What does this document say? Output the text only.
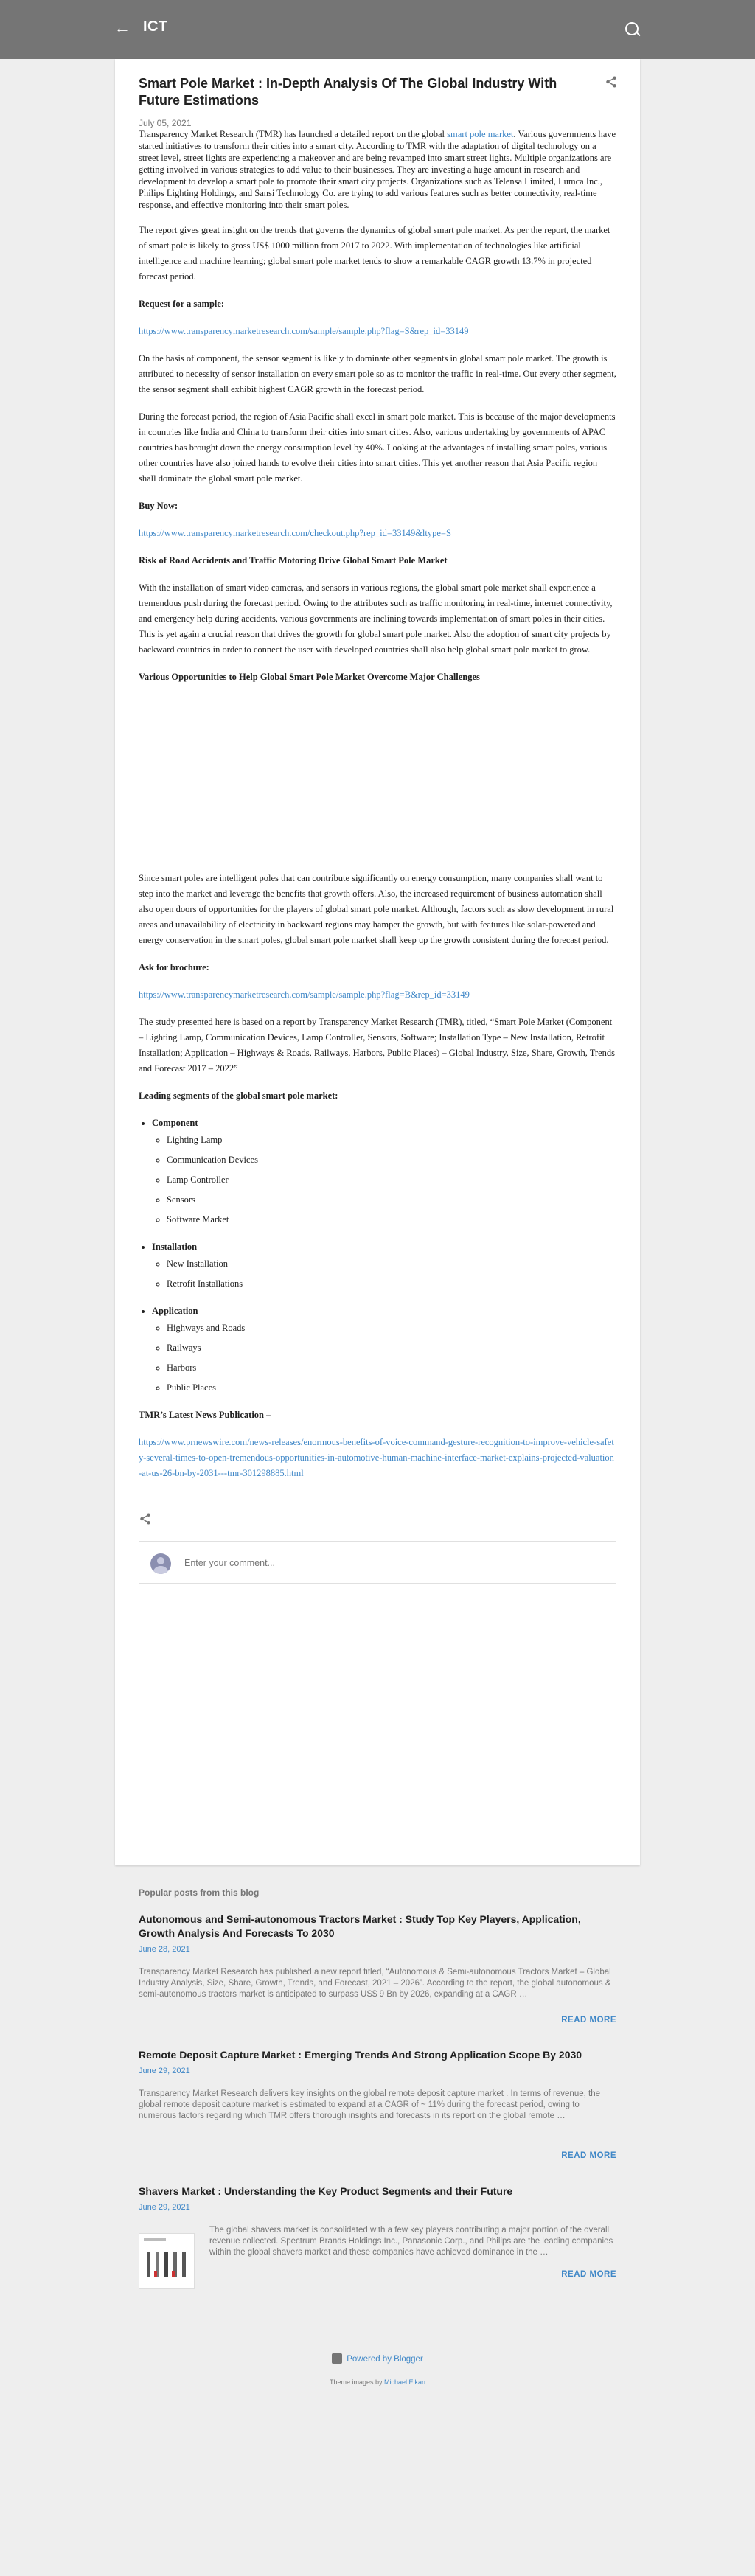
← ICT
Smart Pole Market : In-Depth Analysis Of The Global Industry With Future Estimations
July 05, 2021

Transparency Market Research (TMR) has launched a detailed report on the global smart pole market. Various governments have started initiatives to transform their cities into a smart city. According to TMR with the adaptation of digital technology on a street level, street lights are experiencing a makeover and are being revamped into smart street lights. Multiple organizations are getting involved in various strategies to add value to their businesses. They are investing a huge amount in research and development to develop a smart pole to promote their smart city projects. Organizations such as Telensa Limited, Lumca Inc., Philips Lighting Holdings, and Sansi Technology Co. are trying to add various features such as better connectivity, real-time response, and effective monitoring into their smart poles.

The report gives great insight on the trends that governs the dynamics of global smart pole market. As per the report, the market of smart pole is likely to gross US$ 1000 million from 2017 to 2022. With implementation of technologies like artificial intelligence and machine learning; global smart pole market tends to show a remarkable CAGR growth 13.7% in projected forecast period.

Request for a sample:

https://www.transparencymarketresearch.com/sample/sample.php?flag=S&rep_id=33149

On the basis of component, the sensor segment is likely to dominate other segments in global smart pole market. The growth is attributed to necessity of sensor installation on every smart pole so as to monitor the traffic in real-time. Out every other segment, the sensor segment shall exhibit highest CAGR growth in the forecast period.

During the forecast period, the region of Asia Pacific shall excel in smart pole market. This is because of the major developments in countries like India and China to transform their cities into smart cities. Also, various undertaking by governments of APAC countries has brought down the energy consumption level by 40%. Looking at the advantages of installing smart poles, various other countries have also joined hands to evolve their cities into smart cities. This yet another reason that Asia Pacific region shall dominate the global smart pole market.

Buy Now:

https://www.transparencymarketresearch.com/checkout.php?rep_id=33149&ltype=S

Risk of Road Accidents and Traffic Motoring Drive Global Smart Pole Market

With the installation of smart video cameras, and sensors in various regions, the global smart pole market shall experience a tremendous push during the forecast period. Owing to the attributes such as traffic monitoring in real-time, internet connectivity, and emergency help during accidents, various governments are inclining towards implementation of smart poles in their cities. This is yet again a crucial reason that drives the growth for global smart pole market. Also the adoption of smart city projects by backward countries in order to connect the user with developed countries shall also help global smart pole market to grow.

Various Opportunities to Help Global Smart Pole Market Overcome Major Challenges

Since smart poles are intelligent poles that can contribute significantly on energy consumption, many companies shall want to step into the market and leverage the benefits that growth offers. Also, the increased requirement of business automation shall also open doors of opportunities for the players of global smart pole market. Although, factors such as slow development in rural areas and unavailability of electricity in backward regions may hamper the growth, but with features like solar-powered and energy conservation in the smart poles, global smart pole market shall keep up the growth consistent during the forecast period.

Ask for brochure:

https://www.transparencymarketresearch.com/sample/sample.php?flag=B&rep_id=33149

The study presented here is based on a report by Transparency Market Research (TMR), titled, “Smart Pole Market (Component – Lighting Lamp, Communication Devices, Lamp Controller, Sensors, Software; Installation Type – New Installation, Retrofit Installation; Application – Highways & Roads, Railways, Harbors, Public Places) – Global Industry, Size, Share, Growth, Trends and Forecast 2017 – 2022”

Leading segments of the global smart pole market:

• Component
◦ Lighting Lamp
◦ Communication Devices
◦ Lamp Controller
◦ Sensors
◦ Software Market
• Installation
◦ New Installation
◦ Retrofit Installations
• Application
◦ Highways and Roads
◦ Railways
◦ Harbors
◦ Public Places

TMR’s Latest News Publication –

https://www.prnewswire.com/news-releases/enormous-benefits-of-voice-command-gesture-recognition-to-improve-vehicle-safety-several-times-to-open-tremendous-opportunities-in-automotive-human-machine-interface-market-explains-projected-valuation-at-us-26-bn-by-2031---tmr-301298885.html

Enter your comment...

Popular posts from this blog

Autonomous and Semi-autonomous Tractors Market : Study Top Key Players, Application, Growth Analysis And Forecasts To 2030

June 28, 2021
Transparency Market Research has published a new report titled, “Autonomous & Semi-autonomous Tractors Market – Global Industry Analysis, Size, Share, Growth, Trends, and Forecast, 2021 – 2026”. According to the report, the global autonomous & semi-autonomous tractors market is anticipated to surpass US$ 9 Bn by 2026, expanding at a CAGR …
READ MORE

Remote Deposit Capture Market : Emerging Trends And Strong Application Scope By 2030

June 29, 2021
Transparency Market Research delivers key insights on the global remote deposit capture market . In terms of revenue, the global remote deposit capture market is estimated to expand at a CAGR of ~ 11% during the forecast period, owing to numerous factors regarding which TMR offers thorough insights and forecasts in its report on the global remote …
READ MORE

Shavers Market : Understanding the Key Product Segments and their Future

June 29, 2021
The global shavers market is consolidated with a few key players contributing a major portion of the overall revenue collected. Spectrum Brands Holdings Inc., Panasonic Corp., and Philips are the leading companies within the global shavers market and these companies have achieved dominance in the …
READ MORE
Powered by Blogger
Theme images by Michael Elkan
